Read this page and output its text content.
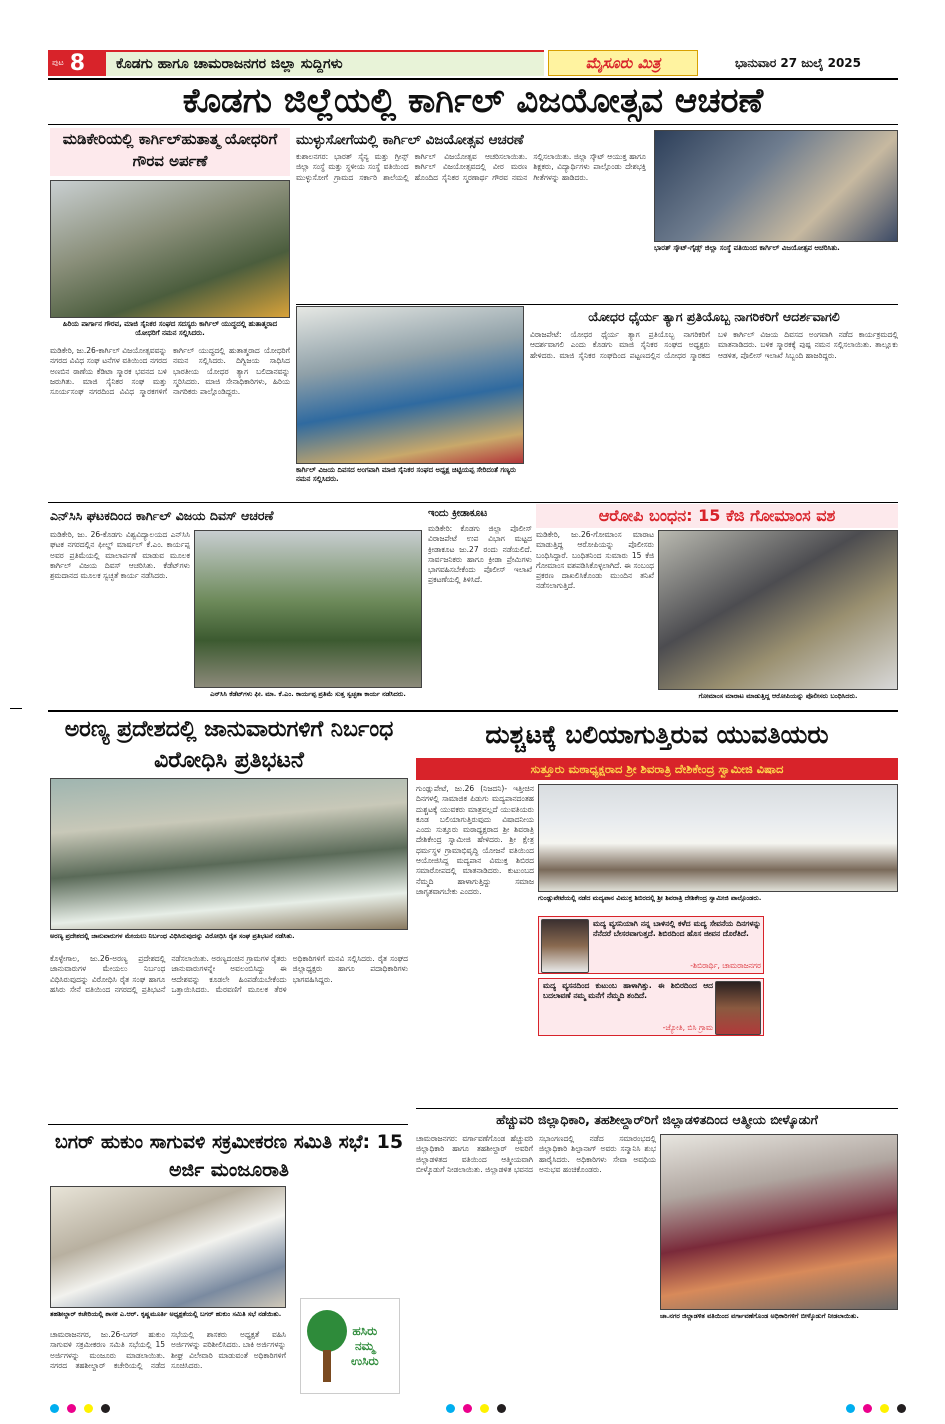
ಪುಟ 8 ಕೊಡಗು ಹಾಗೂ ಚಾಮರಾಜನಗರ ಜಿಲ್ಲಾ ಸುದ್ದಿಗಳು	ಮೈಸೂರು ಮಿತ್ರ	ಭಾನುವಾರ 27 ಜುಲೈ 2025
ಕೊಡಗು ಜಿಲ್ಲೆಯಲ್ಲಿ ಕಾರ್ಗಿಲ್ ವಿಜಯೋತ್ಸವ ಆಚರಣೆ
ಮಡಿಕೇರಿಯಲ್ಲಿ ಕಾರ್ಗಿಲ್‌ಹುತಾತ್ಮ ಯೋಧರಿಗೆ ಗೌರವ ಅರ್ಪಣೆ
ಹಿರಿಯ ಪಾರ್ಗಾನ ಗೌರವ, ಮಾಜಿ ಸೈನಿಕರ ಸಂಘದ ಸದಸ್ಯರು ಕಾರ್ಗಿಲ್ ಯುದ್ಧದಲ್ಲಿ ಹುತಾತ್ಮರಾದ ಯೋಧರಿಗೆ ನಮನ ಸಲ್ಲಿಸಿದರು.
ಮಡಿಕೇರಿ, ಜು.26-ಕಾರ್ಗಿಲ್ ವಿಜಯೋತ್ಸವವನ್ನು ನಗರದ ವಿವಿಧ ಸಂಘ ಟನೆಗಳ ವತಿಯಿಂದ ನಗರದ ಅಣಬಿನ ಠಾಣೆಯ ಕೆಡಿಟಾ ಸ್ಮಾರಕ ಭವನದ ಬಳಿ ಜರುಗಿತು. ಮಾಜಿ ಸೈನಿಕರ ಸಂಘ ಮತ್ತು ಸೂರ್ಯಸಂಘ ನಗರದಿಂದ ವಿವಿಧ ಸ್ಮಾರಕಗಳಿಗೆ ಕಾರ್ಗಿಲ್ ಯುದ್ಧದಲ್ಲಿ ಹುತಾತ್ಮರಾದ ಯೋಧರಿಗೆ ನಮನ ಸಲ್ಲಿಸಿದರು. ದಿಗ್ವಿಜಯ ಸಾಧಿಸಿದ ಭಾರತೀಯ ಯೋಧರ ತ್ಯಾಗ ಬಲಿದಾನವನ್ನು ಸ್ಮರಿಸಿದರು. ಮಾಜಿ ಸೇನಾಧಿಕಾರಿಗಳು, ಹಿರಿಯ ನಾಗರಿಕರು ಪಾಲ್ಗೊಂಡಿದ್ದರು.
ಮುಳ್ಳುಸೋಗೆಯಲ್ಲಿ ಕಾರ್ಗಿಲ್ ವಿಜಯೋತ್ಸವ ಆಚರಣೆ
ಕುಶಾಲನಗರ: ಭಾರತ್ ಸೈನ್ಯ ಮತ್ತು ಗ್ರೀನ್ಸ್ ಜಿಲ್ಲಾ ಸಂಸ್ಥೆ ಮತ್ತು ಸ್ಥಳೀಯ ಸಂಸ್ಥೆ ವತಿಯಿಂದ ಮುಳ್ಳುಸೋಗೆ ಗ್ರಾಮದ ಸರ್ಕಾರಿ ಶಾಲೆಯಲ್ಲಿ ಕಾರ್ಗಿಲ್ ವಿಜಯೋತ್ಸವ ಆಚರಿಸಲಾಯಿತು. ಕಾರ್ಗಿಲ್ ವಿಜಯೋತ್ಸವದಲ್ಲಿ ವೀರ ಮರಣ ಹೊಂದಿದ ಸೈನಿಕರ ಸ್ಮರಣಾರ್ಥ ಗೌರವ ನಮನ ಸಲ್ಲಿಸಲಾಯಿತು. ಜಿಲ್ಲಾ ಸ್ಕೌಟ್ ಆಯುಕ್ತ ಹಾಗೂ ಶಿಕ್ಷಕರು, ವಿದ್ಯಾರ್ಥಿಗಳು ಪಾಲ್ಗೊಂಡು ದೇಶಭಕ್ತಿ ಗೀತೆಗಳನ್ನು ಹಾಡಿದರು.
ಭಾರತ್ ಸ್ಕೌಟ್-ಗೈಡ್ಸ್ ಜಿಲ್ಲಾ ಸಂಸ್ಥೆ ವತಿಯಿಂದ ಕಾರ್ಗಿಲ್ ವಿಜಯೋತ್ಸವ ಆಚರಿಸಿತು.
ಕಾರ್ಗಿಲ್ ವಿಜಯ ದಿವಸದ ಅಂಗವಾಗಿ ಮಾಜಿ ಸೈನಿಕರ ಸಂಘದ ಅಧ್ಯಕ್ಷ ಚಿಟ್ಟಿಯಪ್ಪ ಸೇರಿದಂತೆ ಗಣ್ಯರು ನಮನ ಸಲ್ಲಿಸಿದರು.
ಯೋಧರ ಧೈರ್ಯ ತ್ಯಾಗ ಪ್ರತಿಯೊಬ್ಬ ನಾಗರಿಕರಿಗೆ ಆದರ್ಶವಾಗಲಿ
ವಿರಾಜಪೇಟೆ: ಯೋಧರ ಧೈರ್ಯ ತ್ಯಾಗ ಪ್ರತಿಯೊಬ್ಬ ನಾಗರಿಕರಿಗೆ ಆದರ್ಶವಾಗಲಿ ಎಂದು ಕೊಡಗು ಮಾಜಿ ಸೈನಿಕರ ಸಂಘದ ಅಧ್ಯಕ್ಷರು ಹೇಳಿದರು. ಮಾಜಿ ಸೈನಿಕರ ಸಂಘದಿಂದ ಪಟ್ಟಣದಲ್ಲಿನ ಯೋಧರ ಸ್ಮಾರಕದ ಬಳಿ ಕಾರ್ಗಿಲ್ ವಿಜಯ ದಿವಸದ ಅಂಗವಾಗಿ ನಡೆದ ಕಾರ್ಯಕ್ರಮದಲ್ಲಿ ಮಾತನಾಡಿದರು. ಬಳಿಕ ಸ್ಮಾರಕಕ್ಕೆ ಪುಷ್ಪ ನಮನ ಸಲ್ಲಿಸಲಾಯಿತು. ತಾಲ್ಲೂಕು ಆಡಳಿತ, ಪೊಲೀಸ್ ಇಲಾಖೆ ಸಿಬ್ಬಂದಿ ಹಾಜರಿದ್ದರು.
ಎನ್‌ಸಿಸಿ ಘಟಕದಿಂದ ಕಾರ್ಗಿಲ್ ವಿಜಯ ದಿವಸ್ ಆಚರಣೆ
ಮಡಿಕೇರಿ, ಜು. 26-ಕೊಡಗು ವಿಶ್ವವಿದ್ಯಾಲಯದ ಎನ್‌ಸಿಸಿ ಘಟಕ ನಗರದಲ್ಲಿನ ಫೀಲ್ಡ್ ಮಾರ್ಷಲ್ ಕೆ.ಎಂ. ಕಾರ್ಯಪ್ಪ ಅವರ ಪ್ರತಿಮೆಯಲ್ಲಿ ಮಾಲಾರ್ಪಣೆ ಮಾಡುವ ಮೂಲಕ ಕಾರ್ಗಿಲ್ ವಿಜಯ ದಿವಸ್ ಆಚರಿಸಿತು. ಕೆಡೆಟ್‌ಗಳು ಶ್ರಮದಾನದ ಮೂಲಕ ಸ್ವಚ್ಛತೆ ಕಾರ್ಯ ನಡೆಸಿದರು.
ಎನ್‌ಸಿಸಿ ಕೆಡೆಟ್‌ಗಳು ಫೀ. ಮಾ. ಕೆ.ಎಂ. ಕಾರ್ಯಪ್ಪ ಪ್ರತಿಮೆ ಸುತ್ತ ಸ್ವಚ್ಛತಾ ಕಾರ್ಯ ನಡೆಸಿದರು.
ಇಂದು ಕ್ರೀಡಾಕೂಟ
ಮಡಿಕೇರಿ: ಕೊಡಗು ಜಿಲ್ಲಾ ಪೊಲೀಸ್ ವಿರಾಜಪೇಟೆ ಉಪ ವಿಭಾಗ ಮಟ್ಟದ ಕ್ರೀಡಾಕೂಟ ಜು.27 ರಂದು ನಡೆಯಲಿದೆ. ಸಾರ್ವಜನಿಕರು ಹಾಗೂ ಕ್ರೀಡಾ ಪ್ರೇಮಿಗಳು ಭಾಗವಹಿಸಬೇಕೆಂದು ಪೊಲೀಸ್ ಇಲಾಖೆ ಪ್ರಕಟಣೆಯಲ್ಲಿ ತಿಳಿಸಿದೆ.
ಆರೋಪಿ ಬಂಧನ: 15 ಕೆಜಿ ಗೋಮಾಂಸ ವಶ
ಮಡಿಕೇರಿ, ಜು.26-ಗೋಮಾಂಸ ಮಾರಾಟ ಮಾಡುತ್ತಿದ್ದ ಆರೋಪಿಯನ್ನು ಪೊಲೀಸರು ಬಂಧಿಸಿದ್ದಾರೆ. ಬಂಧಿತನಿಂದ ಸುಮಾರು 15 ಕೆಜಿ ಗೋಮಾಂಸ ವಶಪಡಿಸಿಕೊಳ್ಳಲಾಗಿದೆ. ಈ ಸಂಬಂಧ ಪ್ರಕರಣ ದಾಖಲಿಸಿಕೊಂಡು ಮುಂದಿನ ತನಿಖೆ ನಡೆಸಲಾಗುತ್ತಿದೆ.
ಗೋಮಾಂಸ ಮಾರಾಟ ಮಾಡುತ್ತಿದ್ದ ಆರೋಪಿಯನ್ನು ಪೊಲೀಸರು ಬಂಧಿಸಿದರು.
ಅರಣ್ಯ ಪ್ರದೇಶದಲ್ಲಿ ಜಾನುವಾರುಗಳಿಗೆ ನಿರ್ಬಂಧ ವಿರೋಧಿಸಿ ಪ್ರತಿಭಟನೆ
ಅರಣ್ಯ ಪ್ರದೇಶದಲ್ಲಿ ಜಾನುವಾರುಗಳ ಮೇಯಲು ನಿರ್ಬಂಧ ವಿಧಿಸಿರುವುದನ್ನು ವಿರೋಧಿಸಿ ರೈತ ಸಂಘ ಪ್ರತಿಭಟನೆ ನಡೆಸಿತು.
ಕೊಳ್ಳೇಗಾಲ, ಜು.26-ಅರಣ್ಯ ಪ್ರದೇಶದಲ್ಲಿ ಜಾನುವಾರುಗಳ ಮೇಯಲು ನಿರ್ಬಂಧ ವಿಧಿಸಿರುವುದನ್ನು ವಿರೋಧಿಸಿ ರೈತ ಸಂಘ ಹಾಗೂ ಹಸಿರು ಸೇನೆ ವತಿಯಿಂದ ನಗರದಲ್ಲಿ ಪ್ರತಿಭಟನೆ ನಡೆಸಲಾಯಿತು. ಅರಣ್ಯದಂಚಿನ ಗ್ರಾಮಗಳ ರೈತರು ಜಾನುವಾರುಗಳನ್ನೇ ಅವಲಂಬಿಸಿದ್ದು ಈ ಆದೇಶವನ್ನು ಕೂಡಲೇ ಹಿಂಪಡೆಯಬೇಕೆಂದು ಒತ್ತಾಯಿಸಿದರು. ಮೆರವಣಿಗೆ ಮೂಲಕ ತೆರಳಿ ಅಧಿಕಾರಿಗಳಿಗೆ ಮನವಿ ಸಲ್ಲಿಸಿದರು. ರೈತ ಸಂಘದ ಜಿಲ್ಲಾಧ್ಯಕ್ಷರು ಹಾಗೂ ಪದಾಧಿಕಾರಿಗಳು ಭಾಗವಹಿಸಿದ್ದರು.
ದುಶ್ಚಟಕ್ಕೆ ಬಲಿಯಾಗುತ್ತಿರುವ ಯುವತಿಯರು
ಸುತ್ತೂರು ಮಠಾಧ್ಯಕ್ಷರಾದ ಶ್ರೀ ಶಿವರಾತ್ರಿ ದೇಶಿಕೇಂದ್ರ ಸ್ವಾಮೀಜಿ ವಿಷಾದ
ಗುಂಡ್ಲುಪೇಟೆ, ಜು.26 (ನಿಜದನಿ)- ಇತ್ತೀಚಿನ ದಿನಗಳಲ್ಲಿ ಸಾಮಾಜಿಕ ಪಿಡುಗು ಮದ್ಯಪಾನದಂತಹ ದುಶ್ಚಟಕ್ಕೆ ಯುವಕರು ಮಾತ್ರವಲ್ಲದೆ ಯುವತಿಯರು ಕೂಡ ಬಲಿಯಾಗುತ್ತಿರುವುದು ವಿಷಾದನೀಯ ಎಂದು ಸುತ್ತೂರು ಮಠಾಧ್ಯಕ್ಷರಾದ ಶ್ರೀ ಶಿವರಾತ್ರಿ ದೇಶಿಕೇಂದ್ರ ಸ್ವಾಮೀಜಿ ಹೇಳಿದರು. ಶ್ರೀ ಕ್ಷೇತ್ರ ಧರ್ಮಸ್ಥಳ ಗ್ರಾಮಾಭಿವೃದ್ಧಿ ಯೋಜನೆ ವತಿಯಿಂದ ಆಯೋಜಿಸಿದ್ದ ಮದ್ಯಪಾನ ವಿಮುಕ್ತ ಶಿಬಿರದ ಸಮಾರೋಪದಲ್ಲಿ ಮಾತನಾಡಿದರು. ಕುಟುಂಬದ ನೆಮ್ಮದಿ ಹಾಳಾಗುತ್ತಿದ್ದು ಸಮಾಜ ಜಾಗೃತವಾಗಬೇಕು ಎಂದರು.
ಗುಂಡ್ಲುಪೇಟೆಯಲ್ಲಿ ನಡೆದ ಮದ್ಯಪಾನ ವಿಮುಕ್ತ ಶಿಬಿರದಲ್ಲಿ ಶ್ರೀ ಶಿವರಾತ್ರಿ ದೇಶಿಕೇಂದ್ರ ಸ್ವಾಮೀಜಿ ಪಾಲ್ಗೊಂಡರು.
ಮದ್ಯ ವ್ಯಸನಿಯಾಗಿ ನನ್ನ ಬಾಳಿನಲ್ಲಿ ಕಳೆದ ಮದ್ಯ ಸೇವನೆಯ ದಿನಗಳನ್ನು ನೆನೆದರೆ ಬೇಸರವಾಗುತ್ತದೆ. ಶಿಬಿರದಿಂದ ಹೊಸ ಜೀವನ ದೊರೆತಿದೆ.
-ಶಿಬಿರಾರ್ಥಿ, ಚಾಮರಾಜನಗರ
ಮದ್ಯ ವ್ಯಸನದಿಂದ ಕುಟುಂಬ ಹಾಳಾಗಿತ್ತು. ಈ ಶಿಬಿರದಿಂದ ಆದ ಬದಲಾವಣೆ ನಮ್ಮ ಮನೆಗೆ ನೆಮ್ಮದಿ ತಂದಿದೆ.
-ಜ್ಯೋತಿ, ಬಿಸಿ ಗ್ರಾಮ
ಬಗರ್ ಹುಕುಂ ಸಾಗುವಳಿ ಸಕ್ರಮೀಕರಣ ಸಮಿತಿ ಸಭೆ: 15 ಅರ್ಜಿ ಮಂಜೂರಾತಿ
ತಹಶೀಲ್ದಾರ್ ಕಚೇರಿಯಲ್ಲಿ ಶಾಸಕ ಎ.ಆರ್. ಕೃಷ್ಣಮೂರ್ತಿ ಅಧ್ಯಕ್ಷತೆಯಲ್ಲಿ ಬಗರ್ ಹುಕುಂ ಸಮಿತಿ ಸಭೆ ನಡೆಯಿತು.
ಚಾಮರಾಜನಗರ, ಜು.26-ಬಗರ್ ಹುಕುಂ ಸಾಗುವಳಿ ಸಕ್ರಮೀಕರಣ ಸಮಿತಿ ಸಭೆಯಲ್ಲಿ 15 ಅರ್ಜಿಗಳನ್ನು ಮಂಜೂರು ಮಾಡಲಾಯಿತು. ನಗರದ ತಹಶೀಲ್ದಾರ್ ಕಚೇರಿಯಲ್ಲಿ ನಡೆದ ಸಭೆಯಲ್ಲಿ ಶಾಸಕರು ಅಧ್ಯಕ್ಷತೆ ವಹಿಸಿ ಅರ್ಜಿಗಳನ್ನು ಪರಿಶೀಲಿಸಿದರು. ಬಾಕಿ ಅರ್ಜಿಗಳನ್ನು ಶೀಘ್ರ ವಿಲೇವಾರಿ ಮಾಡುವಂತೆ ಅಧಿಕಾರಿಗಳಿಗೆ ಸೂಚಿಸಿದರು.
ಹಸಿರು
ನಮ್ಮ
ಉಸಿರು
ಹೆಚ್ಚುವರಿ ಜಿಲ್ಲಾಧಿಕಾರಿ, ತಹಶೀಲ್ದಾರ್‌ರಿಗೆ ಜಿಲ್ಲಾಡಳಿತದಿಂದ ಆತ್ಮೀಯ ಬೀಳ್ಕೊಡುಗೆ
ಚಾಮರಾಜನಗರ: ವರ್ಗಾವಣೆಗೊಂಡ ಹೆಚ್ಚುವರಿ ಜಿಲ್ಲಾಧಿಕಾರಿ ಹಾಗೂ ತಹಶೀಲ್ದಾರ್ ಅವರಿಗೆ ಜಿಲ್ಲಾಡಳಿತದ ವತಿಯಿಂದ ಆತ್ಮೀಯವಾಗಿ ಬೀಳ್ಕೊಡುಗೆ ನೀಡಲಾಯಿತು. ಜಿಲ್ಲಾಡಳಿತ ಭವನದ ಸಭಾಂಗಣದಲ್ಲಿ ನಡೆದ ಸಮಾರಂಭದಲ್ಲಿ ಜಿಲ್ಲಾಧಿಕಾರಿ ಶಿಲ್ಪಾನಾಗ್ ಅವರು ಸನ್ಮಾನಿಸಿ ಶುಭ ಹಾರೈಸಿದರು. ಅಧಿಕಾರಿಗಳು ಸೇವಾ ಅವಧಿಯ ಅನುಭವ ಹಂಚಿಕೊಂಡರು.
ಚಾ.ನಗರ ಜಿಲ್ಲಾಡಳಿತ ವತಿಯಿಂದ ವರ್ಗಾವಣೆಗೊಂಡ ಅಧಿಕಾರಿಗಳಿಗೆ ಬೀಳ್ಕೊಡುಗೆ ನೀಡಲಾಯಿತು.
